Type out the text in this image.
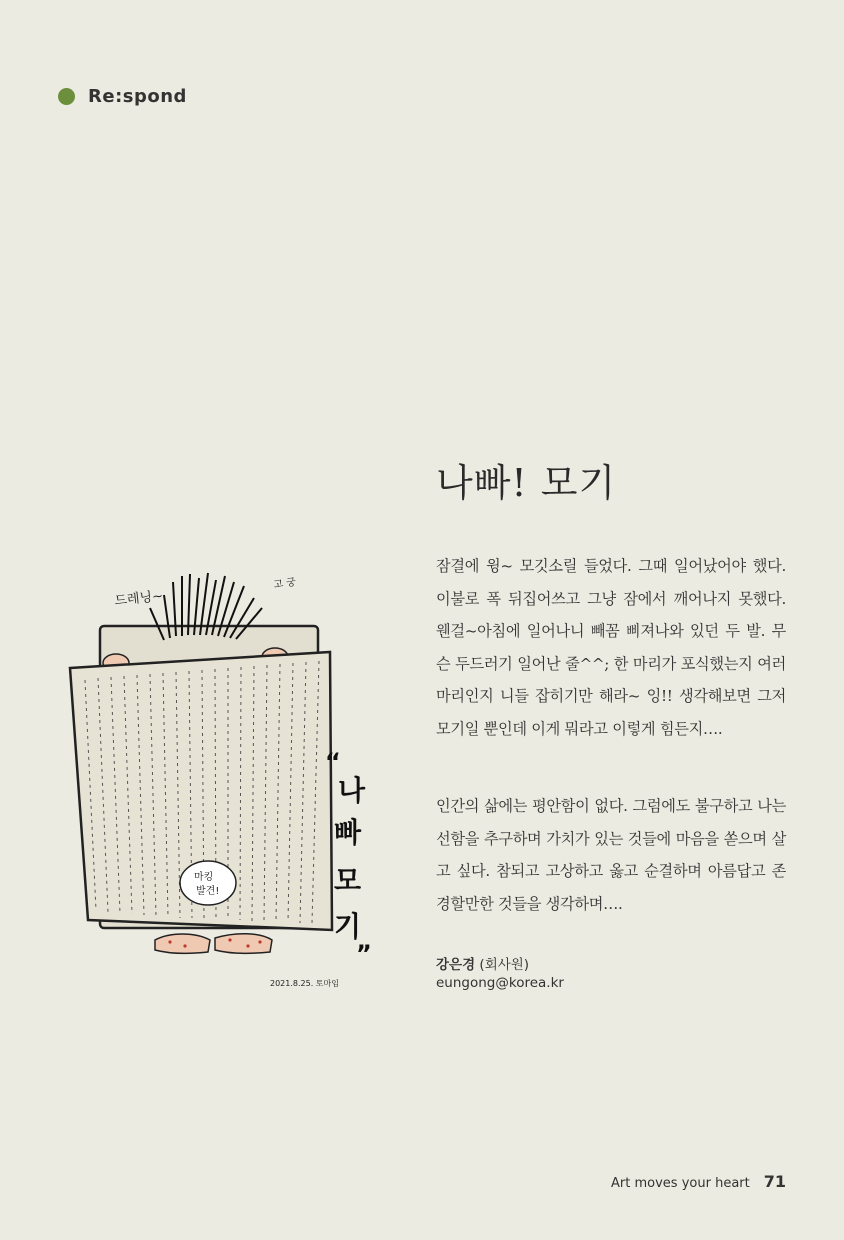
Re:spond
드레닝~
고 궁
마킹
발견!
“
나
빠
모
기
”
2021.8.25. 토마임
나빠! 모기

잠결에 윙~ 모깃소릴 들었다. 그때 일어났어야 했다. 이불로 폭 뒤집어쓰고 그냥 잠에서 깨어나지 못했다. 웬걸~아침에 일어나니 빼꼼 삐져나와 있던 두 발. 무슨 두드러기 일어난 줄^^; 한 마리가 포식했는지 여러 마리인지 니들 잡히기만 해라~ 잉!! 생각해보면 그저 모기일 뿐인데 이게 뭐라고 이렇게 힘든지….

인간의 삶에는 평안함이 없다. 그럼에도 불구하고 나는 선함을 추구하며 가치가 있는 것들에 마음을 쏟으며 살고 싶다. 참되고 고상하고 옳고 순결하며 아름답고 존경할만한 것들을 생각하며….

강은경 (회사원)
eungong@korea.kr
Art moves your heart 71
